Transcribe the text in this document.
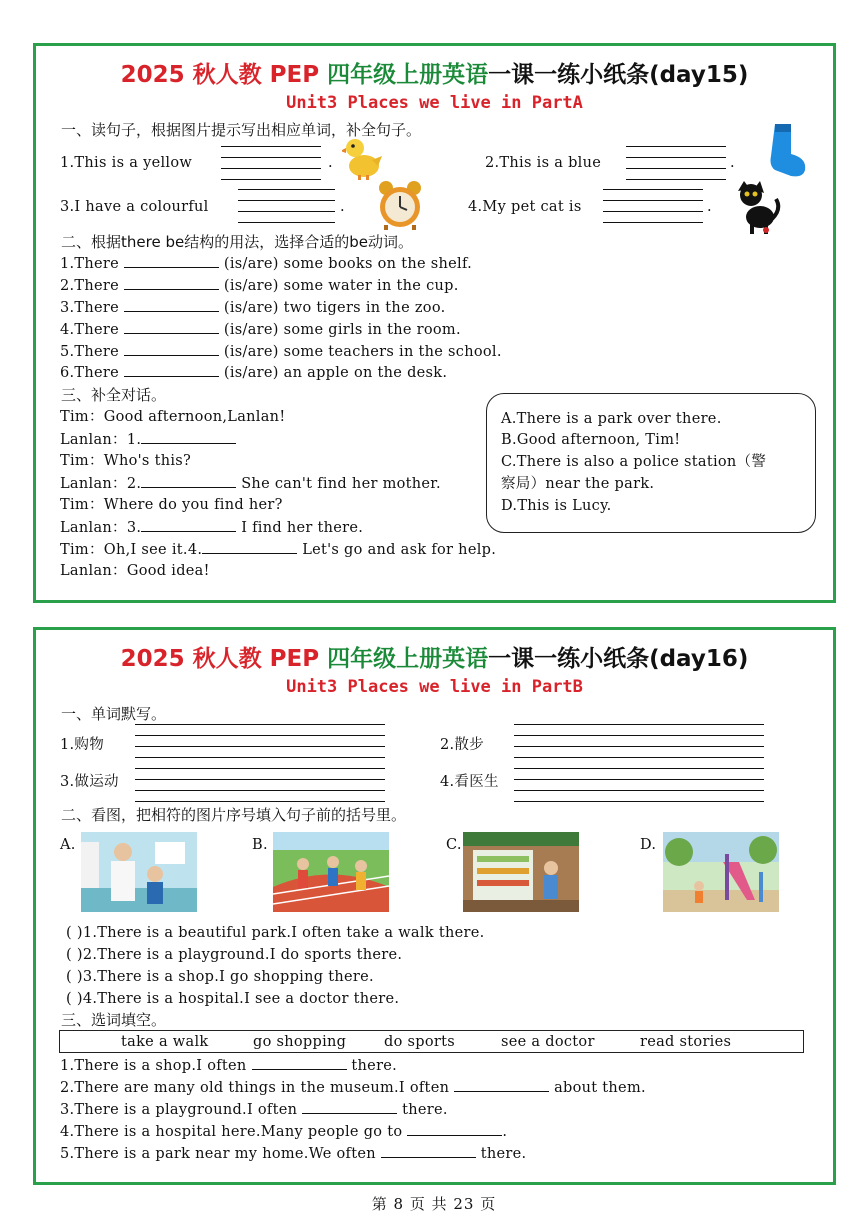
2025 秋人教 PEP 四年级上册英语一课一练小纸条(day15)
Unit3 Places we live in PartA
一、读句子，根据图片提示写出相应单词，补全句子。
1.This is a yellow	.	2.This is a blue	.
3.I have a colourful	.	4.My pet cat is	.
二、根据there be结构的用法，选择合适的be动词。
1.There	(is/are) some books on the shelf.
2.There	(is/are) some water in the cup.
3.There	(is/are) two tigers in the zoo.
4.There	(is/are) some girls in the room.
5.There	(is/are) some teachers in the school.
6.There	(is/are) an apple on the desk.
三、补全对话。
Tim：Good afternoon,Lanlan!
Lanlan：1.
Tim：Who's this?
Lanlan：2.	She can't find her mother.
Tim：Where do you find her?
Lanlan：3.	I find her there.
Tim：Oh,I see it.4.	Let's go and ask for help.
Lanlan：Good idea!
A.There is a park over there.
B.Good afternoon, Tim!
C.There is also a police station（警
察局）near the park.
D.This is Lucy.
2025 秋人教 PEP 四年级上册英语一课一练小纸条(day16)
Unit3 Places we live in PartB
一、单词默写。
1.购物	2.散步
3.做运动	4.看医生
二、看图，把相符的图片序号填入句子前的括号里。
A.	B.	C.	D.
( )1.There is a beautiful park.I often take a walk there.
( )2.There is a playground.I do sports there.
( )3.There is a shop.I go shopping there.
( )4.There is a hospital.I see a doctor there.
三、选词填空。
take a walk	go shopping	do sports	see a doctor	read stories
1.There is a shop.I often	there.
2.There are many old things in the museum.I often	about them.
3.There is a playground.I often	there.
4.There is a hospital here.Many people go to	.
5.There is a park near my home.We often	there.
第 8 页 共 23 页
